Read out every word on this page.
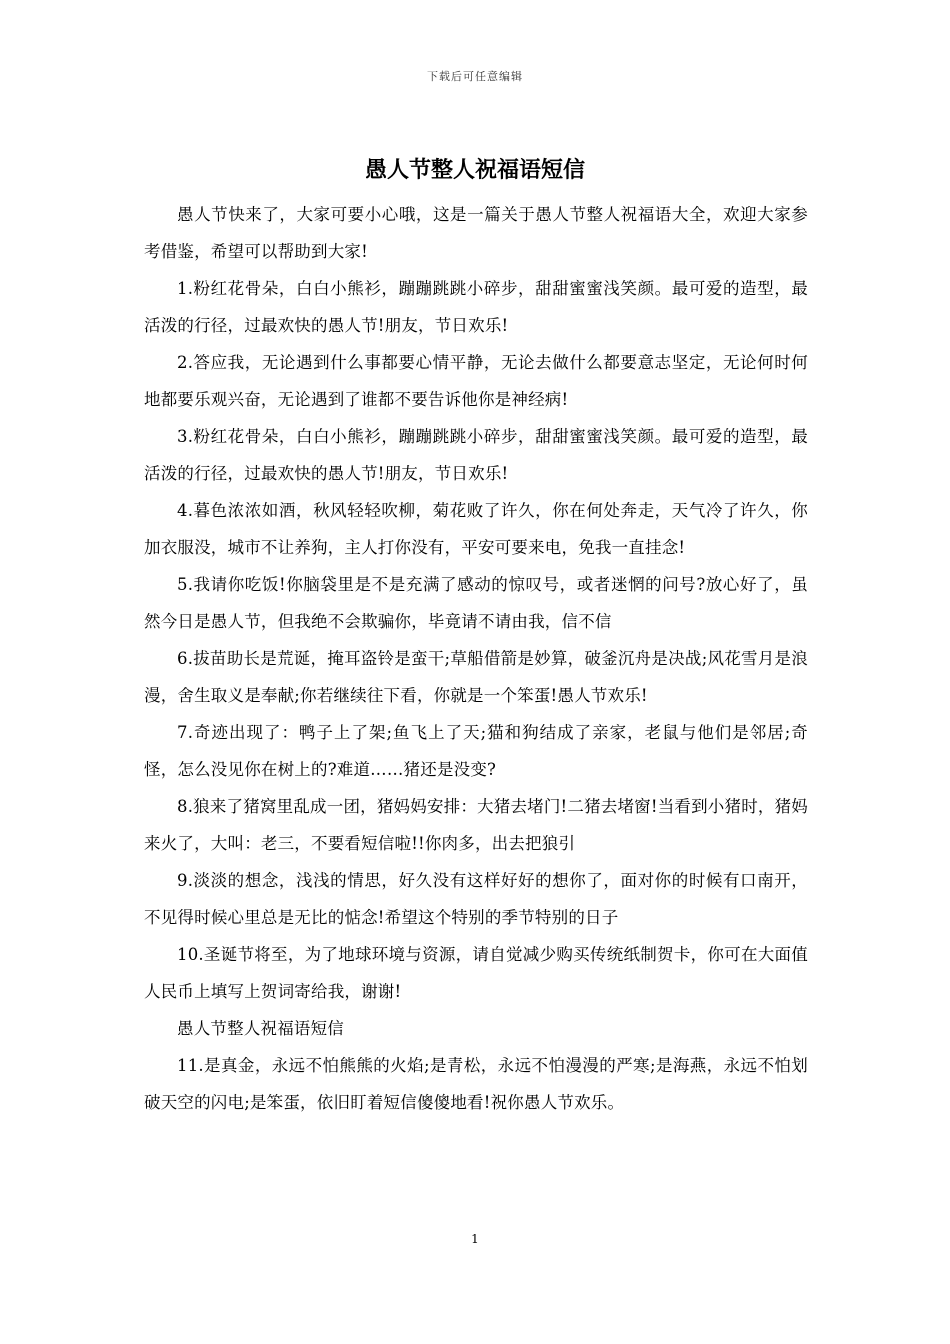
下载后可任意编辑
愚人节整人祝福语短信

愚人节快来了，大家可要小心哦，这是一篇关于愚人节整人祝福语大全，欢迎大家参考借鉴，希望可以帮助到大家!

1.粉红花骨朵，白白小熊衫，蹦蹦跳跳小碎步，甜甜蜜蜜浅笑颜。最可爱的造型，最活泼的行径，过最欢快的愚人节!朋友，节日欢乐!

2.答应我，无论遇到什么事都要心情平静，无论去做什么都要意志坚定，无论何时何地都要乐观兴奋，无论遇到了谁都不要告诉他你是神经病!

3.粉红花骨朵，白白小熊衫，蹦蹦跳跳小碎步，甜甜蜜蜜浅笑颜。最可爱的造型，最活泼的行径，过最欢快的愚人节!朋友，节日欢乐!

4.暮色浓浓如酒，秋风轻轻吹柳，菊花败了许久，你在何处奔走，天气冷了许久，你加衣服没，城市不让养狗，主人打你没有，平安可要来电，免我一直挂念!

5.我请你吃饭!你脑袋里是不是充满了感动的惊叹号，或者迷惘的问号?放心好了，虽然今日是愚人节，但我绝不会欺骗你，毕竟请不请由我，信不信

6.拔苗助长是荒诞，掩耳盗铃是蛮干;草船借箭是妙算，破釜沉舟是决战;风花雪月是浪漫，舍生取义是奉献;你若继续往下看，你就是一个笨蛋!愚人节欢乐!

7.奇迹出现了：鸭子上了架;鱼飞上了天;猫和狗结成了亲家，老鼠与他们是邻居;奇怪，怎么没见你在树上的?难道……猪还是没变?

8.狼来了猪窝里乱成一团，猪妈妈安排：大猪去堵门!二猪去堵窗!当看到小猪时，猪妈来火了，大叫：老三，不要看短信啦!!你肉多，出去把狼引

9.淡淡的想念，浅浅的情思，好久没有这样好好的想你了，面对你的时候有口南开，不见得时候心里总是无比的惦念!希望这个特别的季节特别的日子

10.圣诞节将至，为了地球环境与资源，请自觉减少购买传统纸制贺卡，你可在大面值人民币上填写上贺词寄给我，谢谢!

愚人节整人祝福语短信

11.是真金，永远不怕熊熊的火焰;是青松，永远不怕漫漫的严寒;是海燕，永远不怕划破天空的闪电;是笨蛋，依旧盯着短信傻傻地看!祝你愚人节欢乐。

1
